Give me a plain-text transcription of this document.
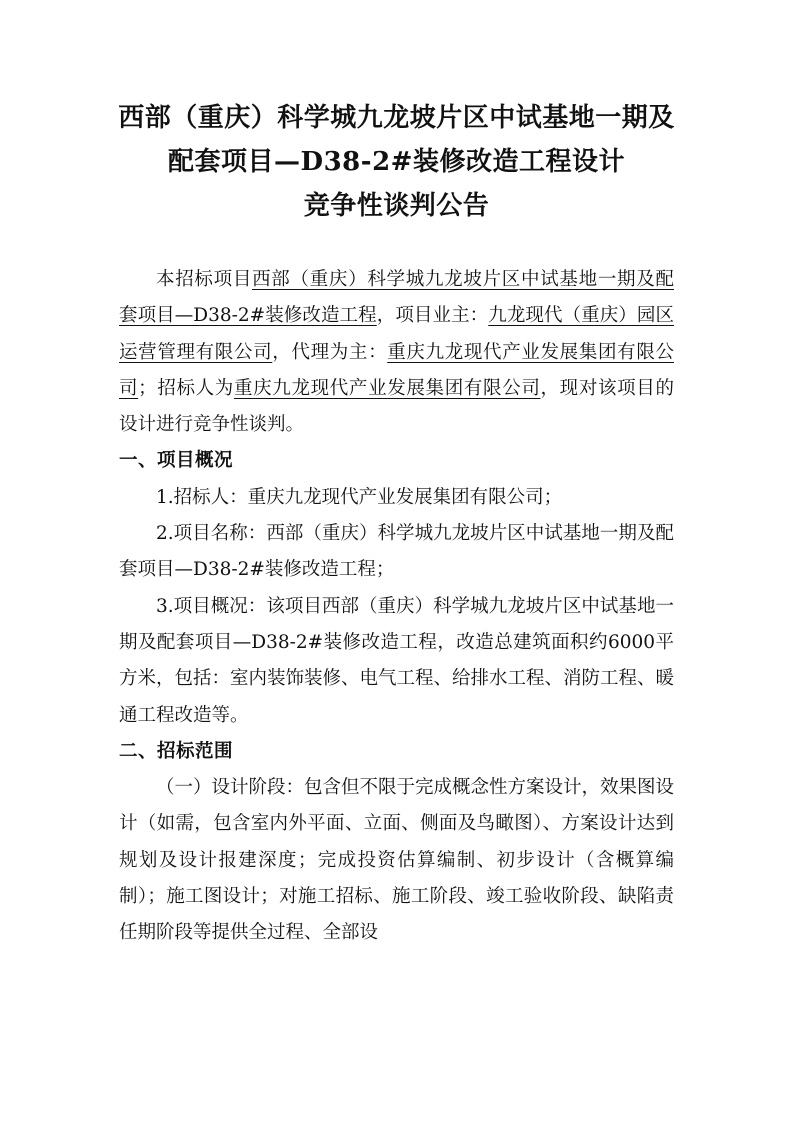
西部（重庆）科学城九龙坡片区中试基地一期及
配套项目—D38-2#装修改造工程设计
竞争性谈判公告

本招标项目西部（重庆）科学城九龙坡片区中试基地一期及配套项目—D38-2#装修改造工程，项目业主：九龙现代（重庆）园区运营管理有限公司，代理为主：重庆九龙现代产业发展集团有限公司；招标人为重庆九龙现代产业发展集团有限公司，现对该项目的设计进行竞争性谈判。

一、项目概况

1.招标人：重庆九龙现代产业发展集团有限公司；

2.项目名称：西部（重庆）科学城九龙坡片区中试基地一期及配套项目—D38-2#装修改造工程；

3.项目概况：该项目西部（重庆）科学城九龙坡片区中试基地一期及配套项目—D38-2#装修改造工程，改造总建筑面积约6000平方米，包括：室内装饰装修、电气工程、给排水工程、消防工程、暖通工程改造等。

二、招标范围

（一）设计阶段：包含但不限于完成概念性方案设计，效果图设计（如需，包含室内外平面、立面、侧面及鸟瞰图）、方案设计达到规划及设计报建深度；完成投资估算编制、初步设计（含概算编制）；施工图设计；对施工招标、施工阶段、竣工验收阶段、缺陷责任期阶段等提供全过程、全部设
